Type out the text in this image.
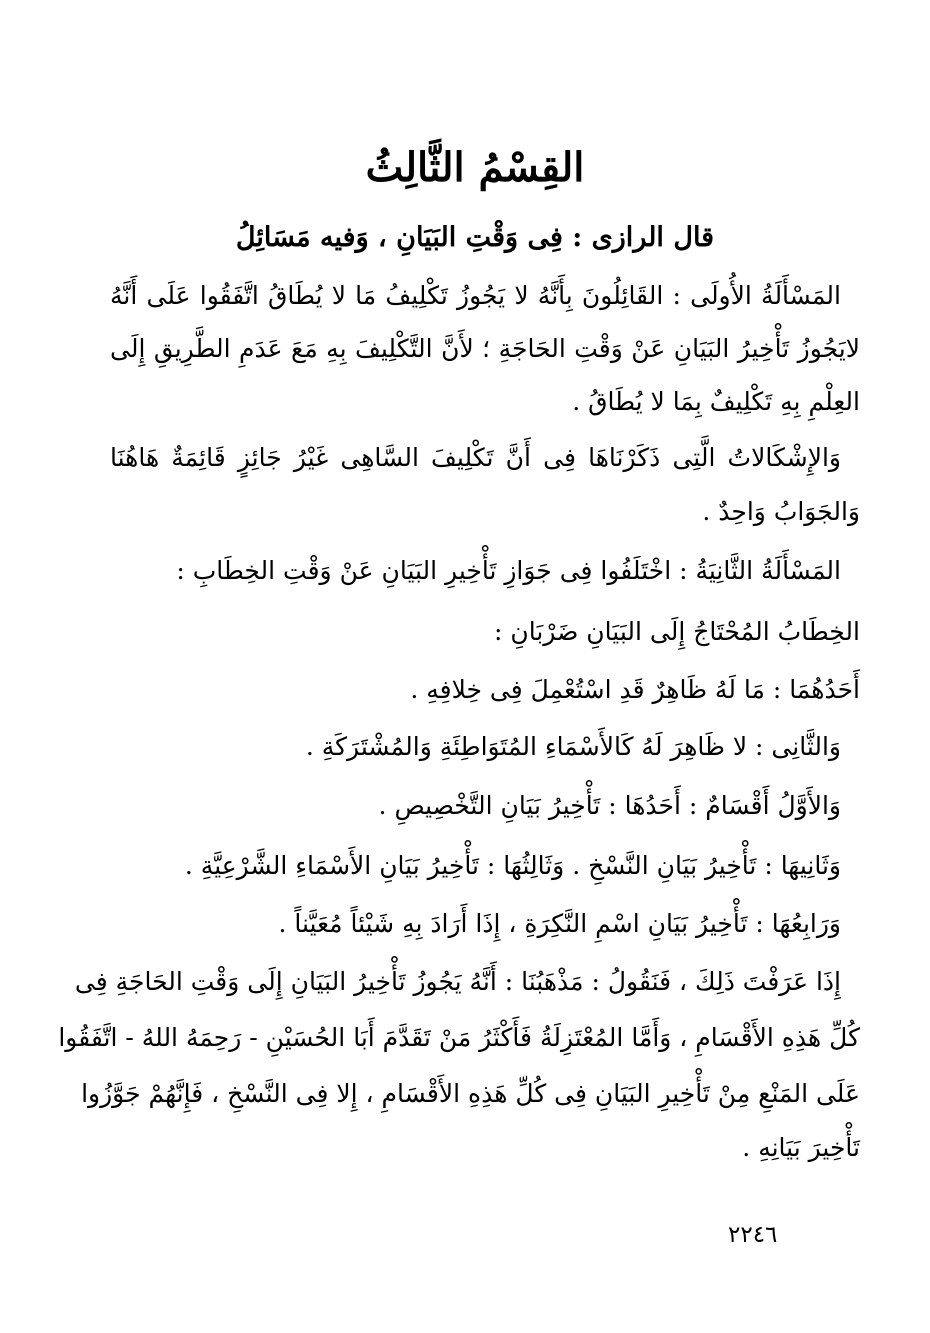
القِسْمُ الثَّالِثُ
قال الرازى : فِى وَقْتِ البَيَانِ ، وَفيه مَسَائِلُ
المَسْأَلَةُ الأُولَى : القَائِلُونَ بِأَنَّهُ لا يَجُوزُ تَكْلِيفُ مَا لا يُطَاقُ اتَّفَقُوا عَلَى أَنَّهُ
لايَجُوزُ تَأْخِيرُ البَيَانِ عَنْ وَقْتِ الحَاجَةِ ؛ لأَنَّ التَّكْلِيفَ بِهِ مَعَ عَدَمِ الطَّرِيقِ إِلَى
العِلْمِ بِهِ تَكْلِيفٌ بِمَا لا يُطَاقُ .
وَالإِشْكَالاتُ الَّتِى ذَكَرْنَاهَا فِى أَنَّ تَكْلِيفَ السَّاهِى غَيْرُ جَائِزٍ قَائِمَةٌ هَاهُنَا
وَالجَوَابُ وَاحِدٌ .
المَسْأَلَةُ الثَّانِيَةُ : اخْتَلَفُوا فِى جَوَازِ تَأْخِيرِ البَيَانِ عَنْ وَقْتِ الخِطَابِ :
الخِطَابُ المُحْتَاجُ إِلَى البَيَانِ ضَرْبَانِ :
أَحَدُهُمَا : مَا لَهُ ظَاهِرٌ قَدِ اسْتُعْمِلَ فِى خِلافِهِ .
وَالثَّانِى : لا ظَاهِرَ لَهُ كَالأَسْمَاءِ المُتَوَاطِئَةِ وَالمُشْتَرَكَةِ .
وَالأَوَّلُ أَقْسَامٌ : أَحَدُهَا : تَأْخِيرُ بَيَانِ التَّخْصِيصِ .
وَثَانِيهَا : تَأْخِيرُ بَيَانِ النَّسْخِ . وَثَالِثُهَا : تَأْخِيرُ بَيَانِ الأَسْمَاءِ الشَّرْعِيَّةِ .
وَرَابِعُهَا : تَأْخِيرُ بَيَانِ اسْمِ النَّكِرَةِ ، إِذَا أَرَادَ بِهِ شَيْئاً مُعَيَّناً .
إِذَا عَرَفْتَ ذَلِكَ ، فَنَقُولُ : مَذْهَبُنَا : أَنَّهُ يَجُوزُ تَأْخِيرُ البَيَانِ إِلَى وَقْتِ الحَاجَةِ فِى
كُلِّ هَذِهِ الأَقْسَامِ ، وَأَمَّا المُعْتَزِلَةُ فَأَكْثَرُ مَنْ تَقَدَّمَ أَبَا الحُسَيْنِ - رَحِمَهُ اللهُ - اتَّفَقُوا
عَلَى المَنْعِ مِنْ تَأْخِيرِ البَيَانِ فِى كُلِّ هَذِهِ الأَقْسَامِ ، إِلا فِى النَّسْخِ ، فَإِنَّهُمْ جَوَّزُوا
تَأْخِيرَ بَيَانِهِ .
٢٢٤٦
